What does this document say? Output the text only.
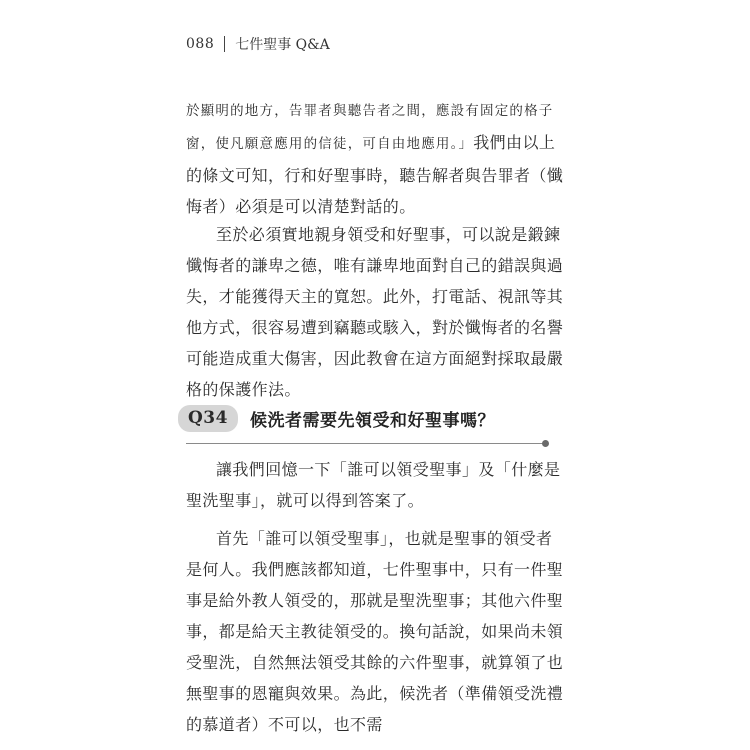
088 七件聖事 Q&A

於顯明的地方，告罪者與聽告者之間，應設有固定的格子窗，使凡願意應用的信徒，可自由地應用。」我們由以上的條文可知，行和好聖事時，聽告解者與告罪者（懺悔者）必須是可以清楚對話的。

至於必須實地親身領受和好聖事，可以說是鍛鍊懺悔者的謙卑之德，唯有謙卑地面對自己的錯誤與過失，才能獲得天主的寬恕。此外，打電話、視訊等其他方式，很容易遭到竊聽或駭入，對於懺悔者的名譽可能造成重大傷害，因此教會在這方面絕對採取最嚴格的保護作法。

Q34	候洗者需要先領受和好聖事嗎？

讓我們回憶一下「誰可以領受聖事」及「什麼是聖洗聖事」，就可以得到答案了。

首先「誰可以領受聖事」，也就是聖事的領受者是何人。我們應該都知道，七件聖事中，只有一件聖事是給外教人領受的，那就是聖洗聖事；其他六件聖事，都是給天主教徒領受的。換句話說，如果尚未領受聖洗，自然無法領受其餘的六件聖事，就算領了也無聖事的恩寵與效果。為此，候洗者（準備領受洗禮的慕道者）不可以，也不需
